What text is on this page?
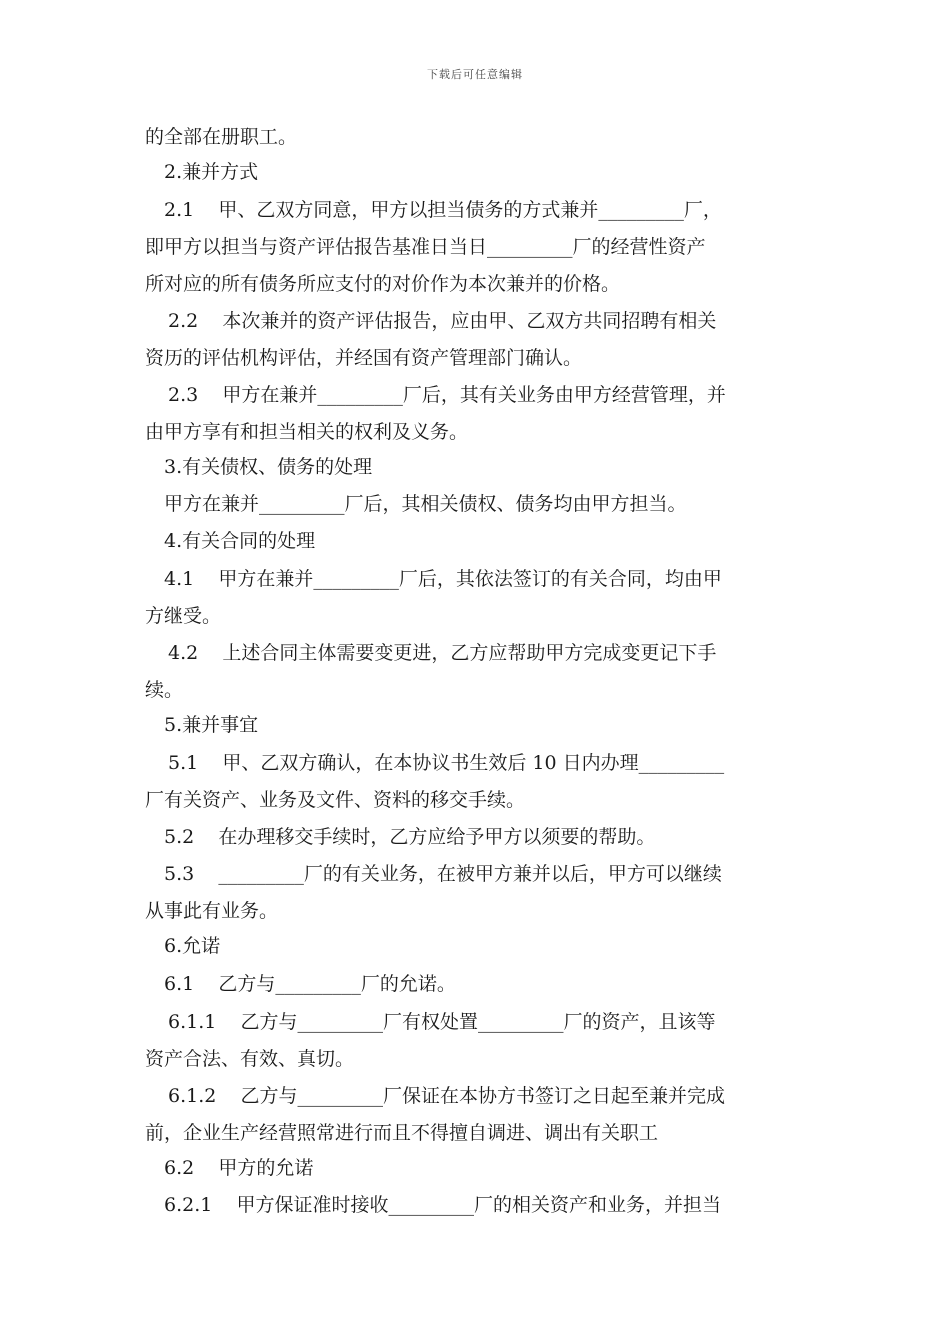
下载后可任意编辑
的全部在册职工。
2.兼并方式
2.1    甲、乙双方同意，甲方以担当债务的方式兼并_________厂，
即甲方以担当与资产评估报告基准日当日_________厂的经营性资产
所对应的所有债务所应支付的对价作为本次兼并的价格。
2.2    本次兼并的资产评估报告，应由甲、乙双方共同招聘有相关
资历的评估机构评估，并经国有资产管理部门确认。
2.3    甲方在兼并_________厂后，其有关业务由甲方经营管理，并
由甲方享有和担当相关的权利及义务。
3.有关债权、债务的处理
甲方在兼并_________厂后，其相关债权、债务均由甲方担当。
4.有关合同的处理
4.1    甲方在兼并_________厂后，其依法签订的有关合同，均由甲
方继受。
4.2    上述合同主体需要变更进，乙方应帮助甲方完成变更记下手
续。
5.兼并事宜
5.1    甲、乙双方确认，在本协议书生效后 10 日内办理_________
厂有关资产、业务及文件、资料的移交手续。
5.2    在办理移交手续时，乙方应给予甲方以须要的帮助。
5.3    _________厂的有关业务，在被甲方兼并以后，甲方可以继续
从事此有业务。
6.允诺
6.1    乙方与_________厂的允诺。
6.1.1    乙方与_________厂有权处置_________厂的资产，且该等
资产合法、有效、真切。
6.1.2    乙方与_________厂保证在本协方书签订之日起至兼并完成
前，企业生产经营照常进行而且不得擅自调进、调出有关职工
6.2    甲方的允诺
6.2.1    甲方保证准时接收_________厂的相关资产和业务，并担当
